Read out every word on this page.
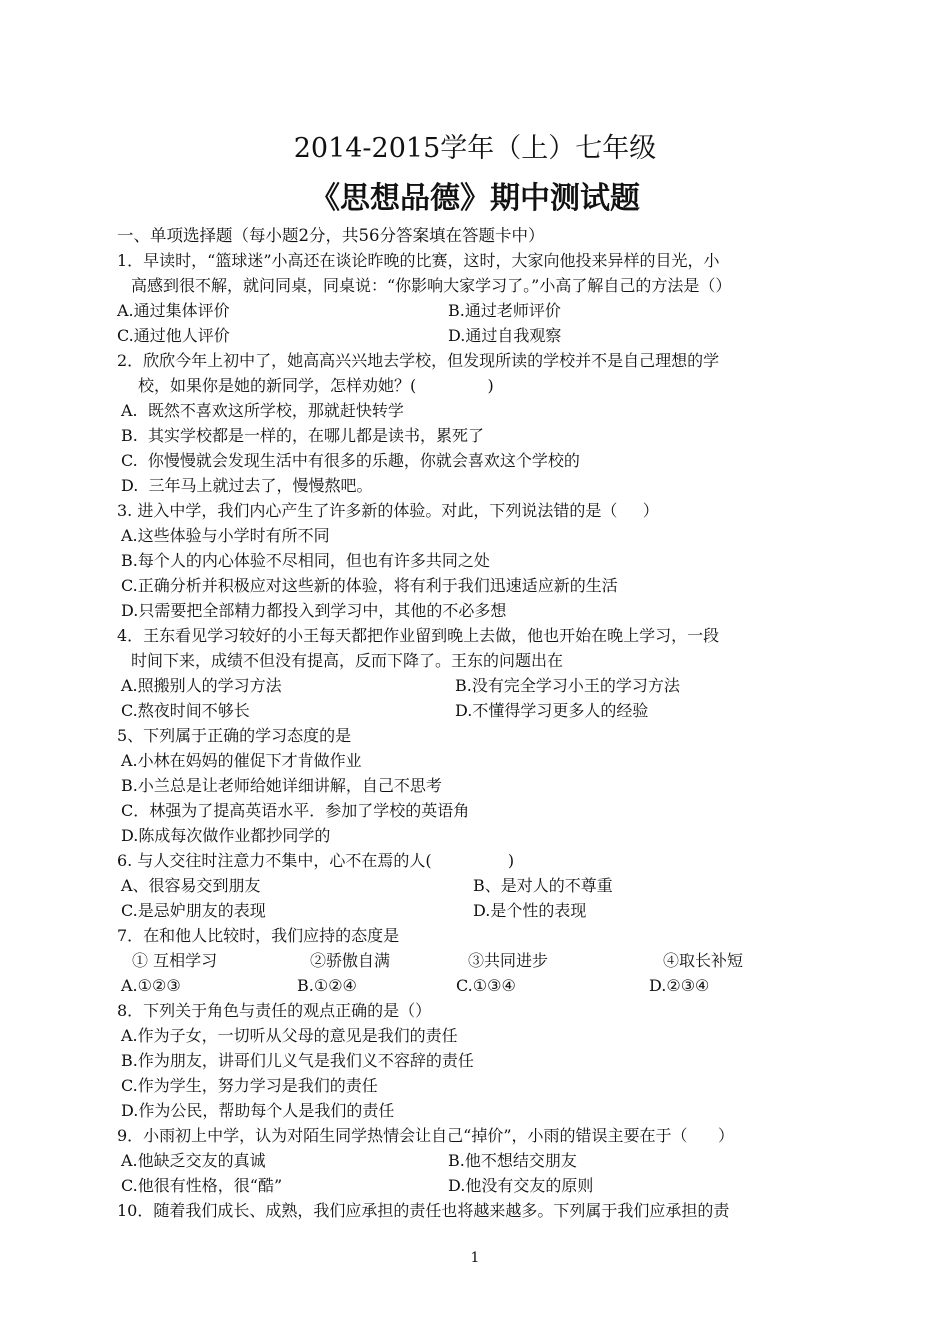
2014-2015学年（上）七年级
《思想品德》期中测试题
一、单项选择题（每小题2分，共56分答案填在答题卡中）
1．早读时，“篮球迷”小高还在谈论昨晚的比赛，这时，大家向他投来异样的目光，小
高感到很不解，就问同桌，同桌说：“你影响大家学习了。”小高了解自己的方法是（）
A.通过集体评价	B.通过老师评价
C.通过他人评价	D.通过自我观察
2．欣欣今年上初中了，她高高兴兴地去学校，但发现所读的学校并不是自己理想的学
校，如果你是她的新同学，怎样劝她？(              )
A.  既然不喜欢这所学校，那就赶快转学
B.  其实学校都是一样的，在哪儿都是读书，累死了
C.  你慢慢就会发现生活中有很多的乐趣，你就会喜欢这个学校的
D.  三年马上就过去了，慢慢熬吧。
3. 进入中学，我们内心产生了许多新的体验。对此，下列说法错的是（     ）
A.这些体验与小学时有所不同
B.每个人的内心体验不尽相同，但也有许多共同之处
C.正确分析并积极应对这些新的体验，将有利于我们迅速适应新的生活
D.只需要把全部精力都投入到学习中，其他的不必多想
4．王东看见学习较好的小王每天都把作业留到晚上去做，他也开始在晚上学习，一段
时间下来，成绩不但没有提高，反而下降了。王东的问题出在
A.照搬别人的学习方法	B.没有完全学习小王的学习方法
C.熬夜时间不够长	D.不懂得学习更多人的经验
5、下列属于正确的学习态度的是
A.小林在妈妈的催促下才肯做作业
B.小兰总是让老师给她详细讲解，自己不思考
C．林强为了提高英语水平．参加了学校的英语角
D.陈成每次做作业都抄同学的
6. 与人交往时注意力不集中，心不在焉的人(               )
A、很容易交到朋友	B、是对人的不尊重
C.是忌妒朋友的表现	D.是个性的表现
7．在和他人比较时，我们应持的态度是
① 互相学习	②骄傲自满	③共同进步	④取长补短
A.①②③	B.①②④	C.①③④	D.②③④
8．下列关于角色与责任的观点正确的是（）
A.作为子女，一切听从父母的意见是我们的责任
B.作为朋友，讲哥们儿义气是我们义不容辞的责任
C.作为学生，努力学习是我们的责任
D.作为公民，帮助每个人是我们的责任
9．小雨初上中学，认为对陌生同学热情会让自己“掉价”，小雨的错误主要在于（      ）
A.他缺乏交友的真诚	B.他不想结交朋友
C.他很有性格，很“酷”	D.他没有交友的原则
10．随着我们成长、成熟，我们应承担的责任也将越来越多。下列属于我们应承担的责
1
